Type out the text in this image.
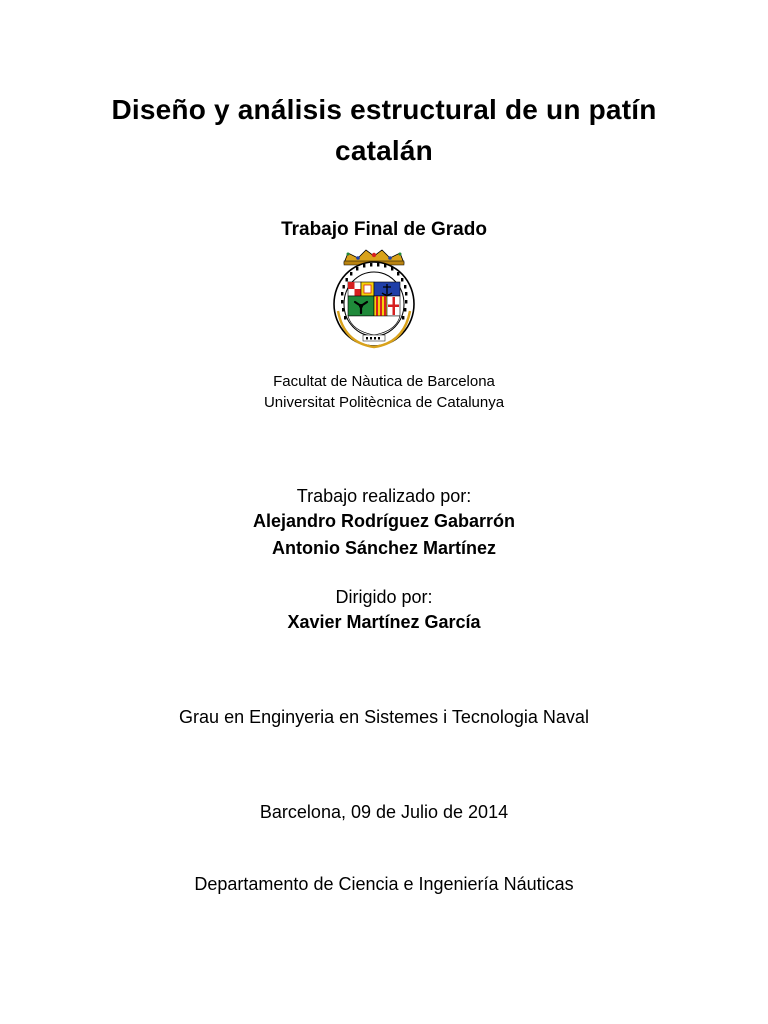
Diseño y análisis estructural de un patín
catalán
Trabajo Final de Grado
Facultat de Nàutica de Barcelona
Universitat Politècnica de Catalunya
Trabajo realizado por:
Alejandro Rodríguez Gabarrón
Antonio Sánchez Martínez
Dirigido por:
Xavier Martínez García
Grau en Enginyeria en Sistemes i Tecnologia Naval
Barcelona, 09 de Julio de 2014
Departamento de Ciencia e Ingeniería Náuticas
